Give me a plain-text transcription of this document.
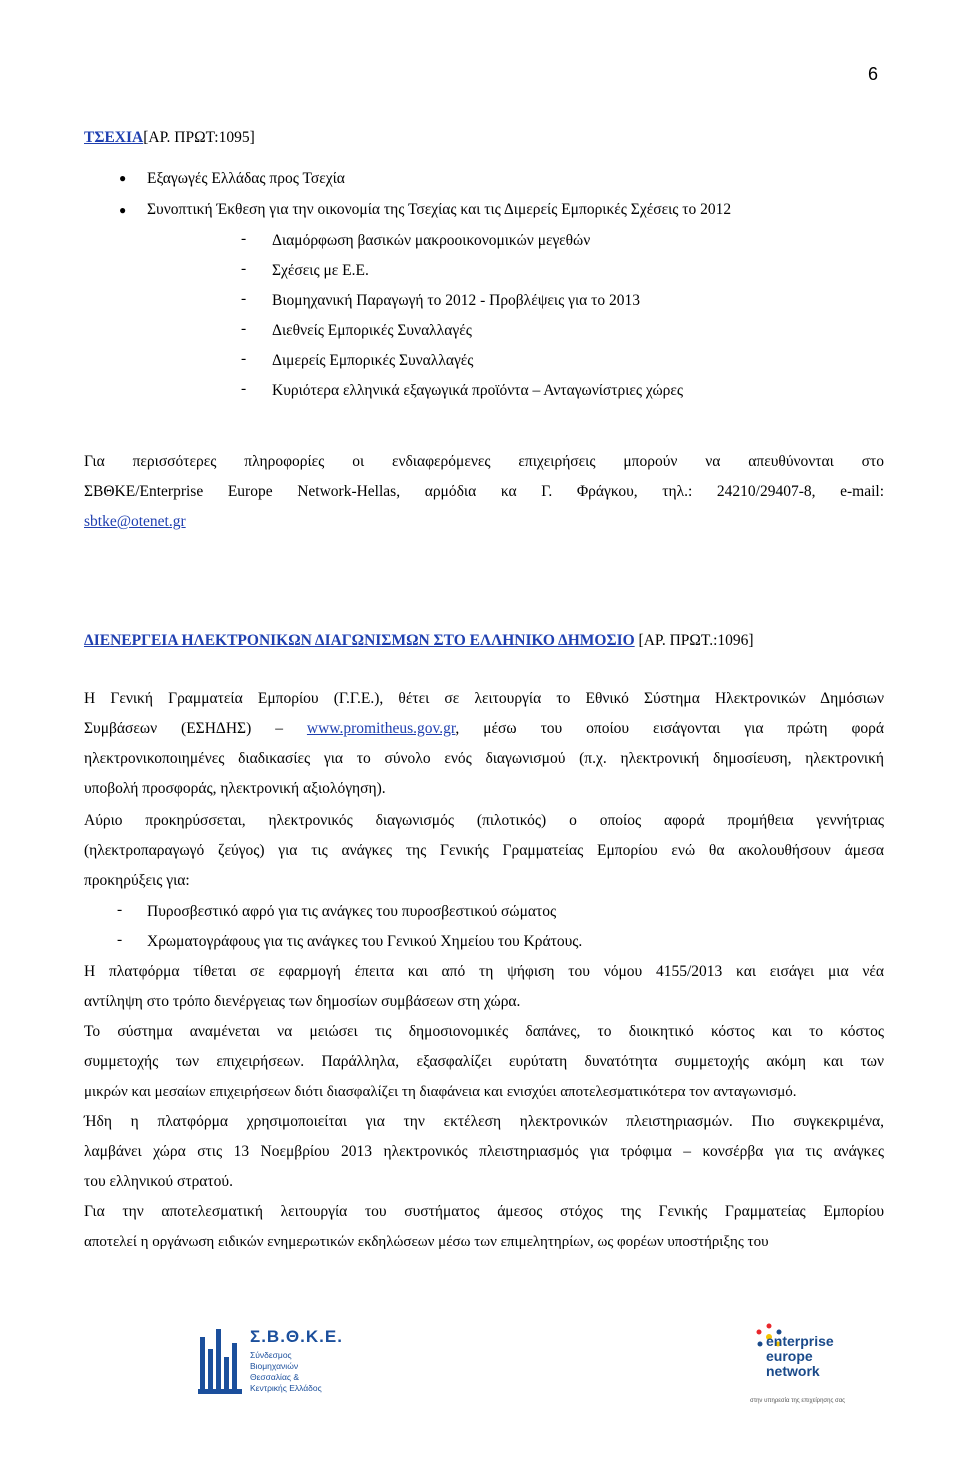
6
ΤΣΕΧΙΑ[ΑΡ. ΠΡΩΤ:1095]
● Εξαγωγές Ελλάδας προς Τσεχία
● Συνοπτική Έκθεση για την οικονομία της Τσεχίας και τις Διμερείς Εμπορικές Σχέσεις το 2012
- Διαμόρφωση βασικών μακροοικονομικών μεγεθών
- Σχέσεις με Ε.Ε.
- Βιομηχανική Παραγωγή το 2012 - Προβλέψεις για το 2013
- Διεθνείς Εμπορικές Συναλλαγές
- Διμερείς Εμπορικές Συναλλαγές
- Κυριότερα ελληνικά εξαγωγικά προϊόντα – Ανταγωνίστριες χώρες
Για περισσότερες πληροφορίες οι ενδιαφερόμενες επιχειρήσεις μπορούν να απευθύνονται στο
ΣΒΘΚΕ/Enterprise Europe Network-Hellas, αρμόδια κα Γ. Φράγκου, τηλ.: 24210/29407-8, e-mail:
sbtke@otenet.gr
ΔΙΕΝΕΡΓΕΙΑ ΗΛΕΚΤΡΟΝΙΚΩΝ ΔΙΑΓΩΝΙΣΜΩΝ ΣΤΟ ΕΛΛΗΝΙΚΟ ΔΗΜΟΣΙΟ [ΑΡ. ΠΡΩΤ.:1096]
Η Γενική Γραμματεία Εμπορίου (Γ.Γ.Ε.), θέτει σε λειτουργία το Εθνικό Σύστημα Ηλεκτρονικών Δημόσιων
Συμβάσεων (ΕΣΗΔΗΣ) – www.promitheus.gov.gr, μέσω του οποίου εισάγονται για πρώτη φορά
ηλεκτρονικοποιημένες διαδικασίες για το σύνολο ενός διαγωνισμού (π.χ. ηλεκτρονική δημοσίευση, ηλεκτρονική
υποβολή προσφοράς, ηλεκτρονική αξιολόγηση).
Αύριο προκηρύσσεται, ηλεκτρονικός διαγωνισμός (πιλοτικός) ο οποίος αφορά προμήθεια γεννήτριας
(ηλεκτροπαραγωγό ζεύγος) για τις ανάγκες της Γενικής Γραμματείας Εμπορίου ενώ θα ακολουθήσουν άμεσα
προκηρύξεις για:
- Πυροσβεστικό αφρό για τις ανάγκες του πυροσβεστικού σώματος
- Χρωματογράφους για τις ανάγκες του Γενικού Χημείου του Κράτους.
Η πλατφόρμα τίθεται σε εφαρμογή έπειτα και από τη ψήφιση του νόμου 4155/2013 και εισάγει μια νέα
αντίληψη στο τρόπο διενέργειας των δημοσίων συμβάσεων στη χώρα.
Το σύστημα αναμένεται να μειώσει τις δημοσιονομικές δαπάνες, το διοικητικό κόστος και το κόστος
συμμετοχής των επιχειρήσεων. Παράλληλα, εξασφαλίζει ευρύτατη δυνατότητα συμμετοχής ακόμη και των
μικρών και μεσαίων επιχειρήσεων διότι διασφαλίζει τη διαφάνεια και ενισχύει αποτελεσματικότερα τον ανταγωνισμό.
Ήδη η πλατφόρμα χρησιμοποιείται για την εκτέλεση ηλεκτρονικών πλειστηριασμών. Πιο συγκεκριμένα,
λαμβάνει χώρα στις 13 Νοεμβρίου 2013 ηλεκτρονικός πλειστηριασμός για τρόφιμα – κονσέρβα για τις ανάγκες
του ελληνικού στρατού.
Για την αποτελεσματική λειτουργία του συστήματος άμεσος στόχος της Γενικής Γραμματείας Εμπορίου
αποτελεί η οργάνωση ειδικών ενημερωτικών εκδηλώσεων μέσω των επιμελητηρίων, ως φορέων υποστήριξης του
Σ.Β.Θ.Κ.Ε.
Σύνδεσμος Βιομηχανιών
Θεσσαλίας &
Κεντρικής Ελλάδος
enterprise
europe
network
στην υπηρεσία της επιχείρησης σας
